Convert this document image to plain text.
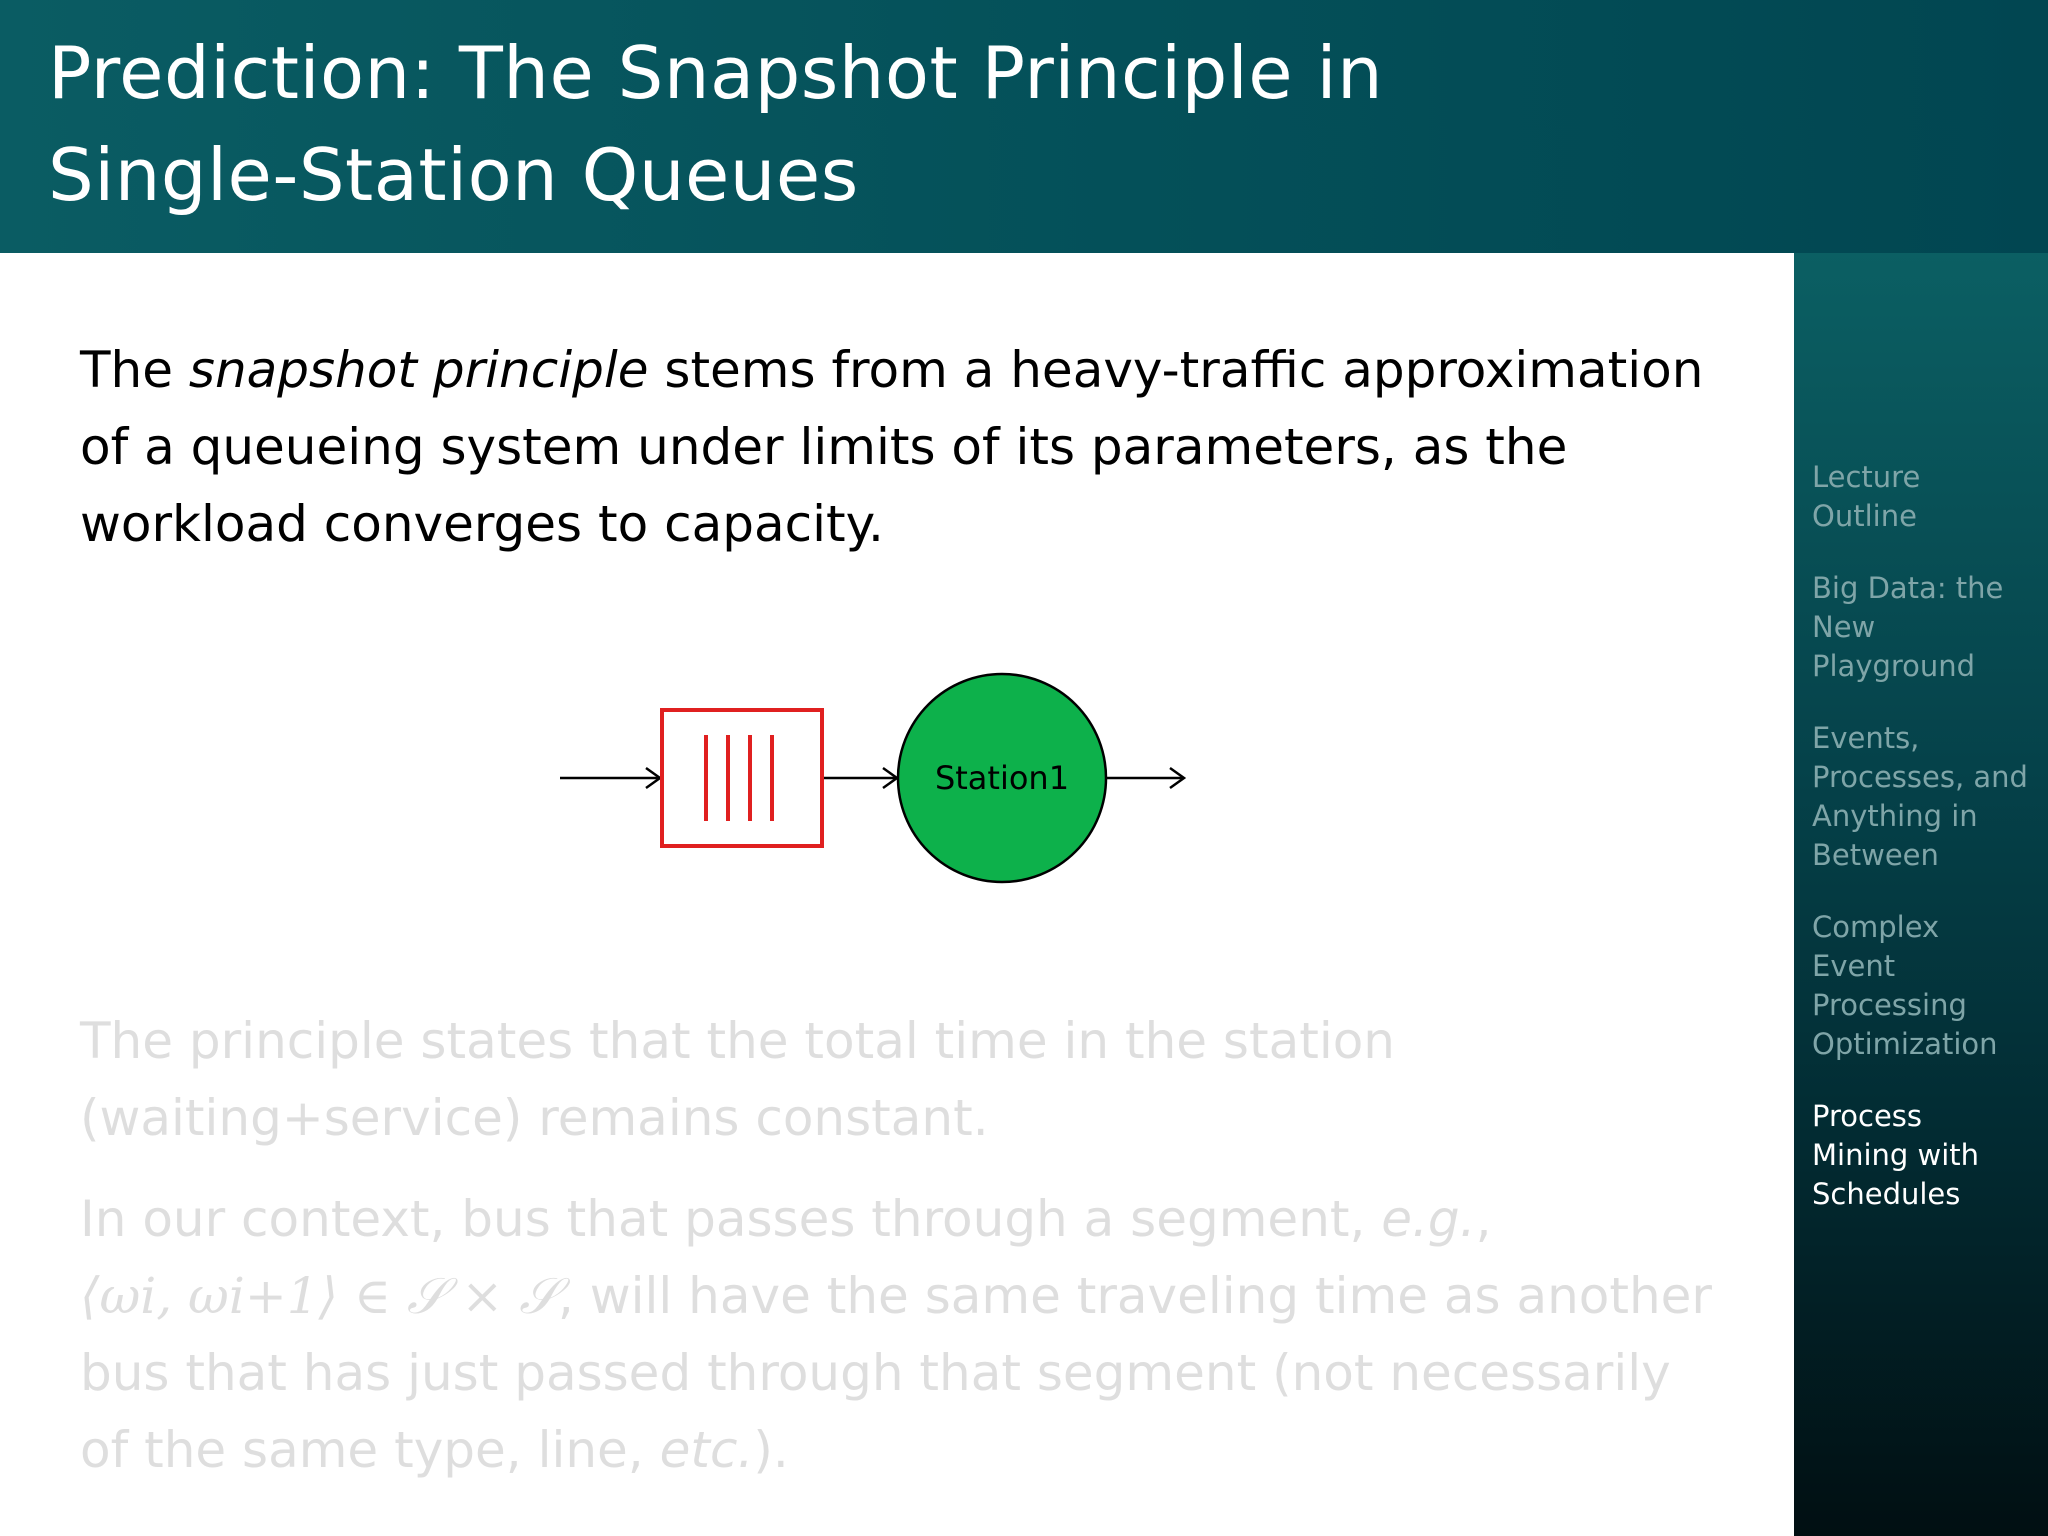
Prediction: The Snapshot Principle in
Single-Station Queues
The snapshot principle stems from a heavy-traffic approximation of a queueing system under limits of its parameters, as the workload converges to capacity.
Station1
The principle states that the total time in the station (waiting+service) remains constant.
In our context, bus that passes through a segment, e.g.,
⟨ωi, ωi+1⟩ ∈ 𝒮 × 𝒮, will have the same traveling time as another bus that has just passed through that segment (not necessarily of the same type, line, etc.).
Lecture
Outline
Big Data: the
New
Playground
Events,
Processes, and
Anything in
Between
Complex
Event
Processing
Optimization
Process
Mining with
Schedules
